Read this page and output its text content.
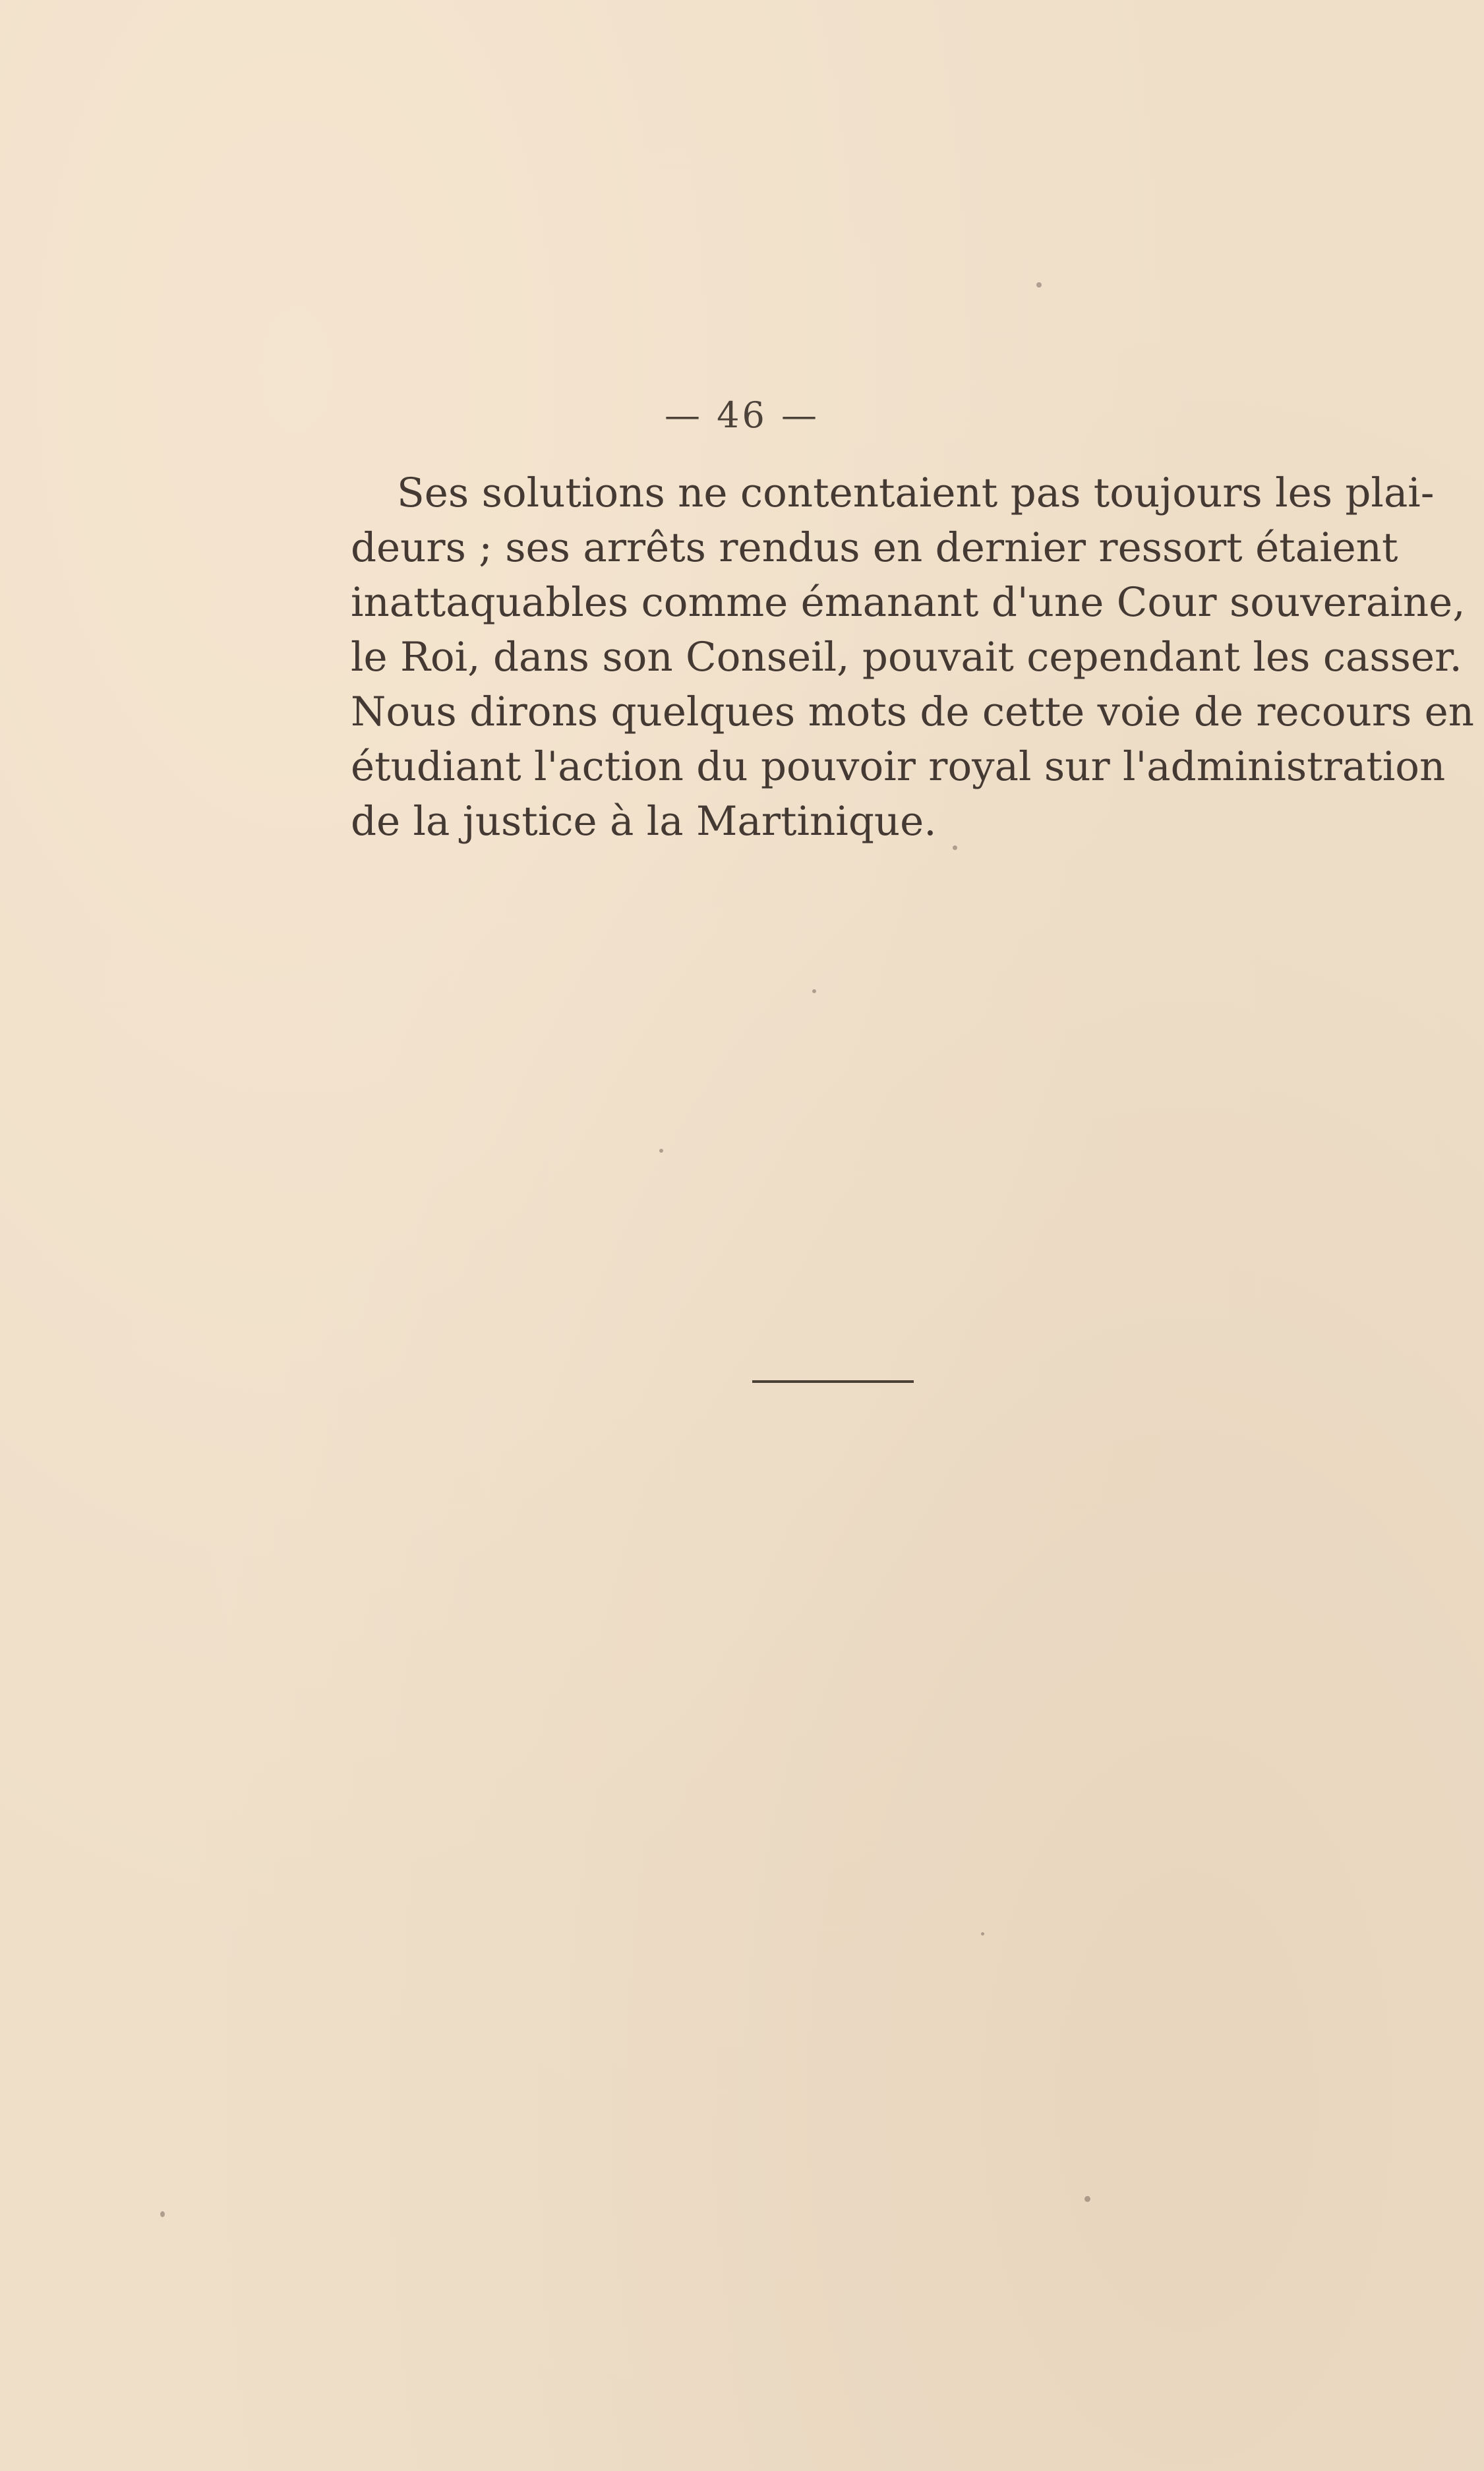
— 46 —
Ses solutions ne contentaient pas toujours les plai-
deurs ; ses arrêts rendus en dernier ressort étaient
inattaquables comme émanant d'une Cour souveraine,
le Roi, dans son Conseil, pouvait cependant les casser.
Nous dirons quelques mots de cette voie de recours en
étudiant l'action du pouvoir royal sur l'administration
de la justice à la Martinique.
